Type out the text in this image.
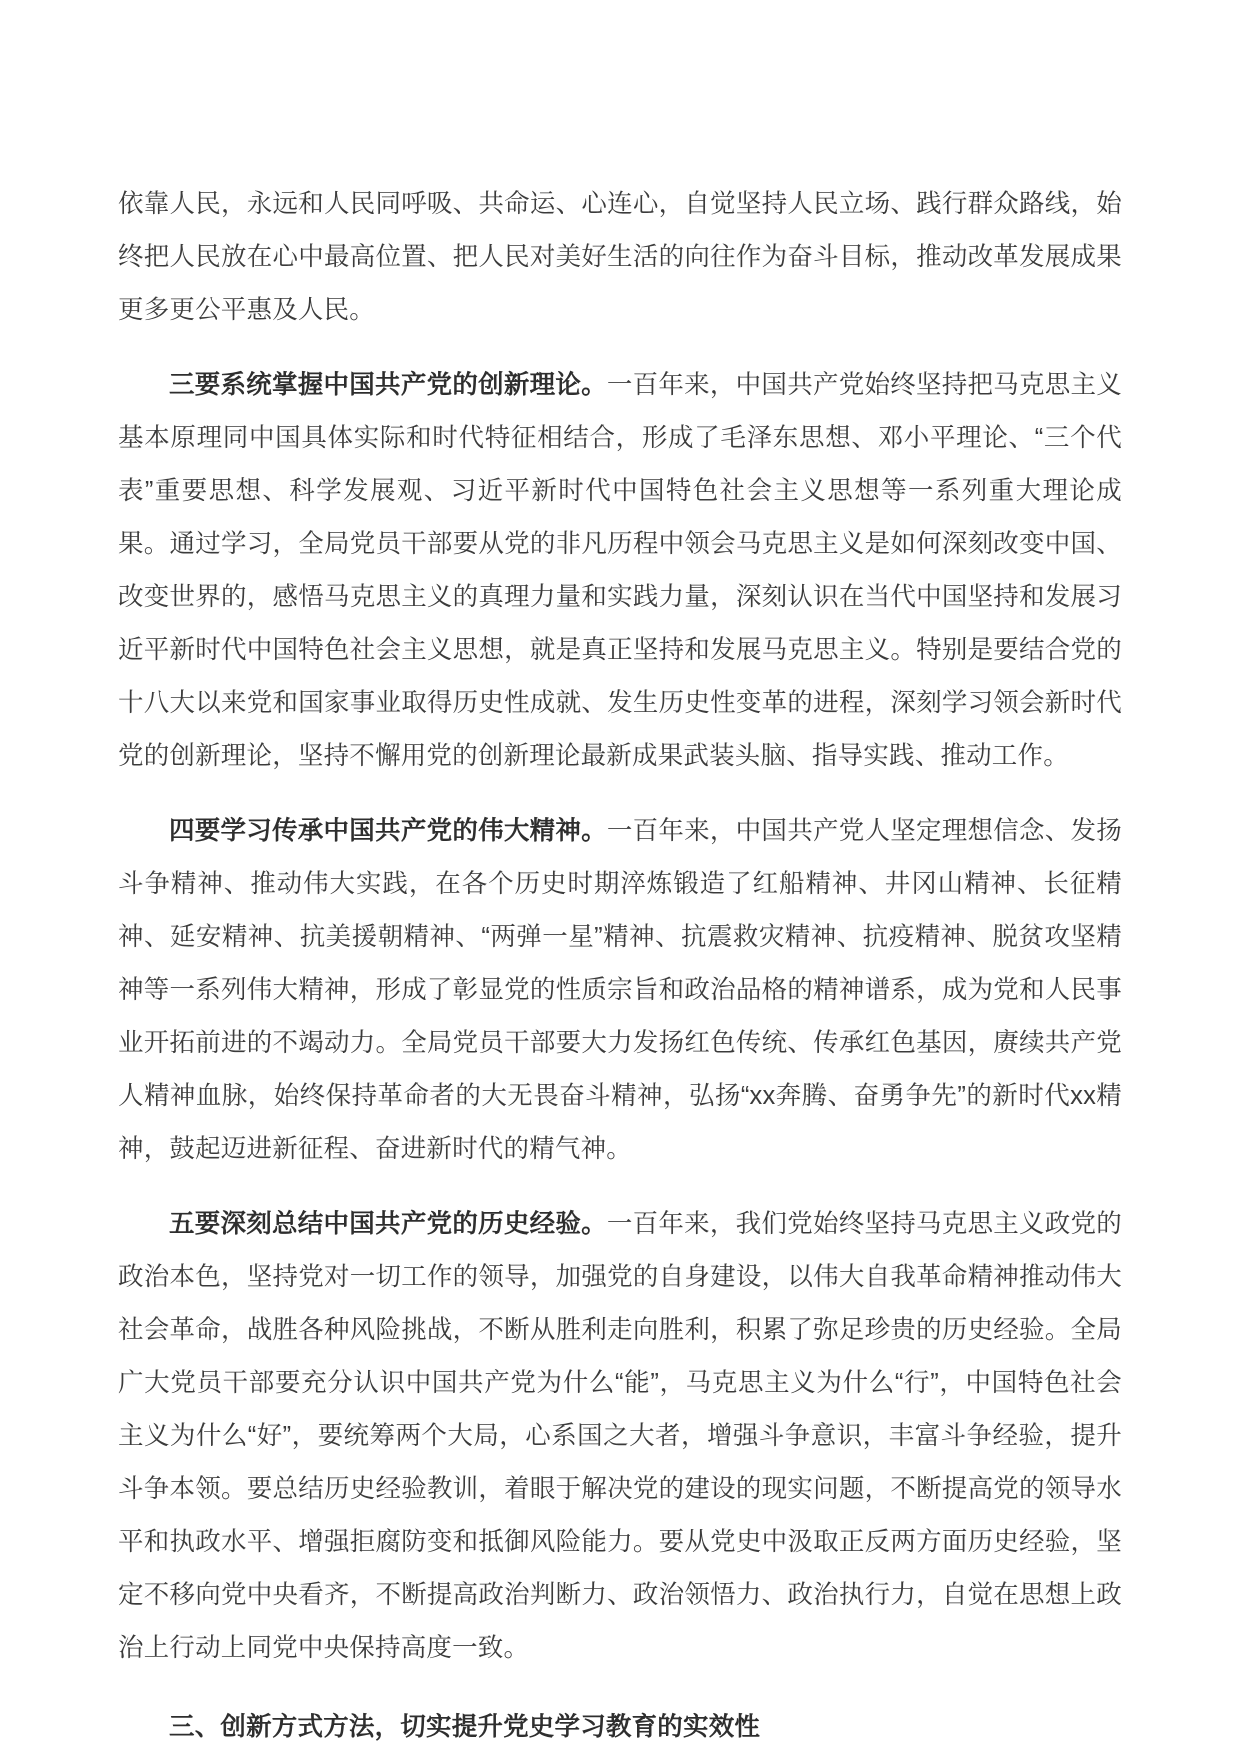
依靠人民，永远和人民同呼吸、共命运、心连心，自觉坚持人民立场、践行群众路线，始终把人民放在心中最高位置、把人民对美好生活的向往作为奋斗目标，推动改革发展成果更多更公平惠及人民。

三要系统掌握中国共产党的创新理论。一百年来，中国共产党始终坚持把马克思主义基本原理同中国具体实际和时代特征相结合，形成了毛泽东思想、邓小平理论、“三个代表”重要思想、科学发展观、习近平新时代中国特色社会主义思想等一系列重大理论成果。通过学习，全局党员干部要从党的非凡历程中领会马克思主义是如何深刻改变中国、改变世界的，感悟马克思主义的真理力量和实践力量，深刻认识在当代中国坚持和发展习近平新时代中国特色社会主义思想，就是真正坚持和发展马克思主义。特别是要结合党的十八大以来党和国家事业取得历史性成就、发生历史性变革的进程，深刻学习领会新时代党的创新理论，坚持不懈用党的创新理论最新成果武装头脑、指导实践、推动工作。

四要学习传承中国共产党的伟大精神。一百年来，中国共产党人坚定理想信念、发扬斗争精神、推动伟大实践，在各个历史时期淬炼锻造了红船精神、井冈山精神、长征精神、延安精神、抗美援朝精神、“两弹一星”精神、抗震救灾精神、抗疫精神、脱贫攻坚精神等一系列伟大精神，形成了彰显党的性质宗旨和政治品格的精神谱系，成为党和人民事业开拓前进的不竭动力。全局党员干部要大力发扬红色传统、传承红色基因，赓续共产党人精神血脉，始终保持革命者的大无畏奋斗精神，弘扬“xx奔腾、奋勇争先”的新时代xx精神，鼓起迈进新征程、奋进新时代的精气神。

五要深刻总结中国共产党的历史经验。一百年来，我们党始终坚持马克思主义政党的政治本色，坚持党对一切工作的领导，加强党的自身建设，以伟大自我革命精神推动伟大社会革命，战胜各种风险挑战，不断从胜利走向胜利，积累了弥足珍贵的历史经验。全局广大党员干部要充分认识中国共产党为什么“能”，马克思主义为什么“行”，中国特色社会主义为什么“好”，要统筹两个大局，心系国之大者，增强斗争意识，丰富斗争经验，提升斗争本领。要总结历史经验教训，着眼于解决党的建设的现实问题，不断提高党的领导水平和执政水平、增强拒腐防变和抵御风险能力。要从党史中汲取正反两方面历史经验，坚定不移向党中央看齐，不断提高政治判断力、政治领悟力、政治执行力，自觉在思想上政治上行动上同党中央保持高度一致。

三、创新方式方法，切实提升党史学习教育的实效性
